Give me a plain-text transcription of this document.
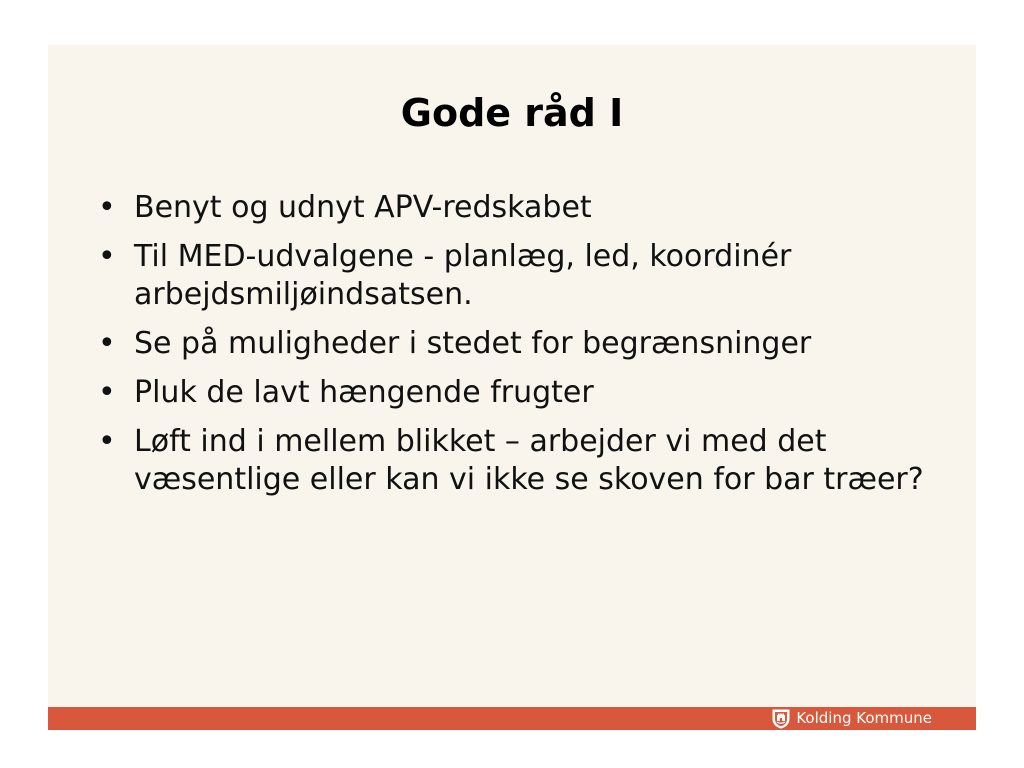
Gode råd I
• Benyt og udnyt APV-redskabet
• Til MED-udvalgene - planlæg, led, koordinér arbejdsmiljøindsatsen.
• Se på muligheder i stedet for begrænsninger
• Pluk de lavt hængende frugter
• Løft ind i mellem blikket – arbejder vi med det væsentlige eller kan vi ikke se skoven for bar træer?
Kolding Kommune
